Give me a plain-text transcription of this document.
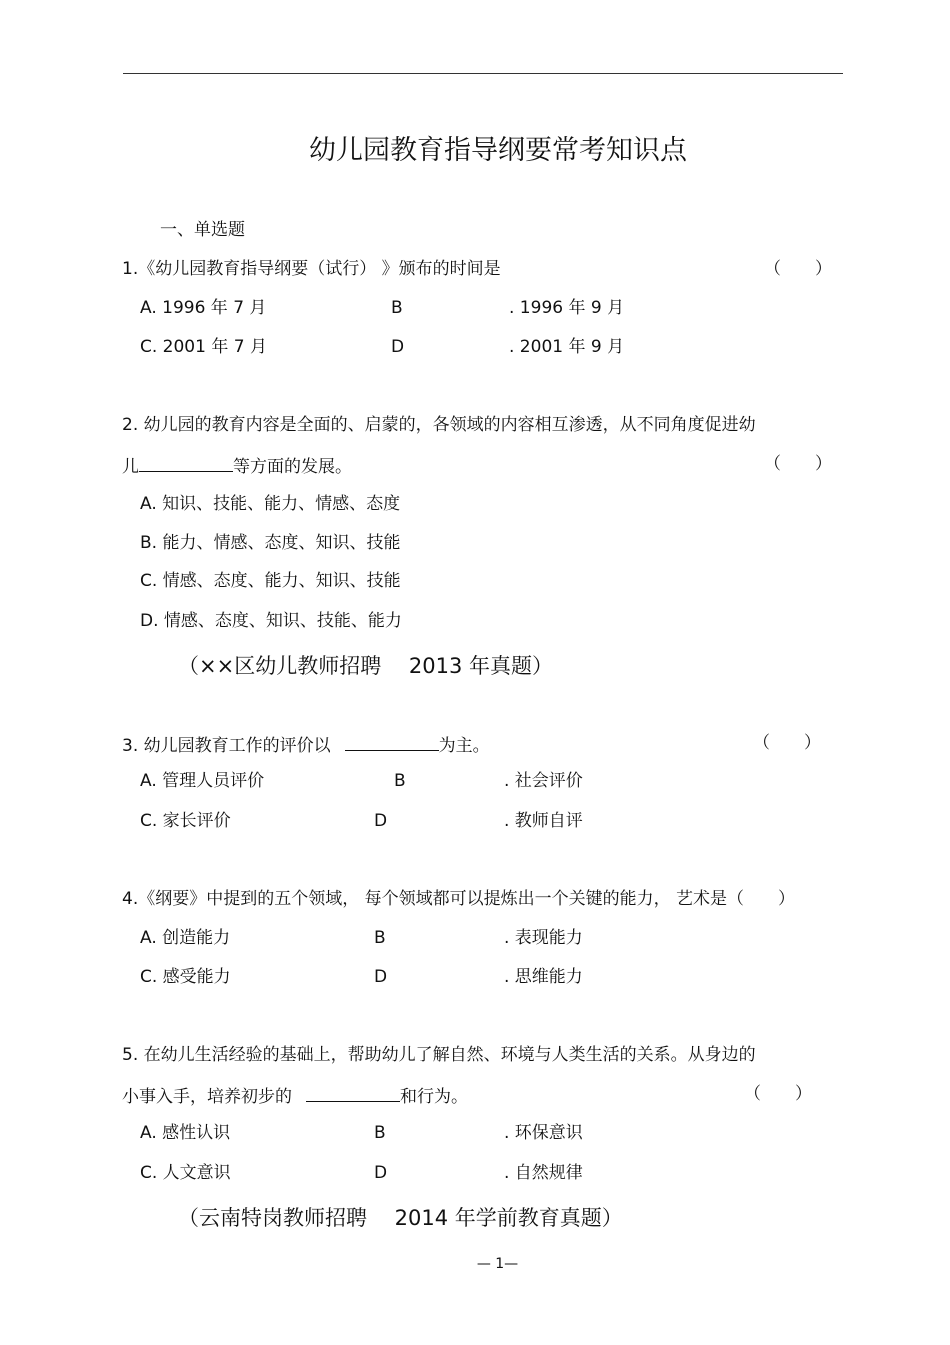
幼儿园教育指导纲要常考知识点
一、单选题
1.《幼儿园教育指导纲要（试行） 》颁布的时间是	（　　）
A. 1996 年 7 月	B	. 1996 年 9 月
C. 2001 年 7 月	D	. 2001 年 9 月
2. 幼儿园的教育内容是全面的、启蒙的，各领域的内容相互渗透，从不同角度促进幼
儿	等方面的发展。	（　　）
A. 知识、技能、能力、情感、态度
B. 能力、情感、态度、知识、技能
C. 情感、态度、能力、知识、技能
D. 情感、态度、知识、技能、能力
（××区幼儿教师招聘　 2013 年真题）
3. 幼儿园教育工作的评价以	为主。	（　　）
A. 管理人员评价	B	. 社会评价
C. 家长评价	D	. 教师自评
4.《纲要》中提到的五个领域， 每个领域都可以提炼出一个关键的能力， 艺术是（　　）
A. 创造能力	B	. 表现能力
C. 感受能力	D	. 思维能力
5. 在幼儿生活经验的基础上，帮助幼儿了解自然、环境与人类生活的关系。从身边的
小事入手，培养初步的	和行为。	（　　）
A. 感性认识	B	. 环保意识
C. 人文意识	D	. 自然规律
（云南特岗教师招聘　 2014 年学前教育真题）
— 1—
